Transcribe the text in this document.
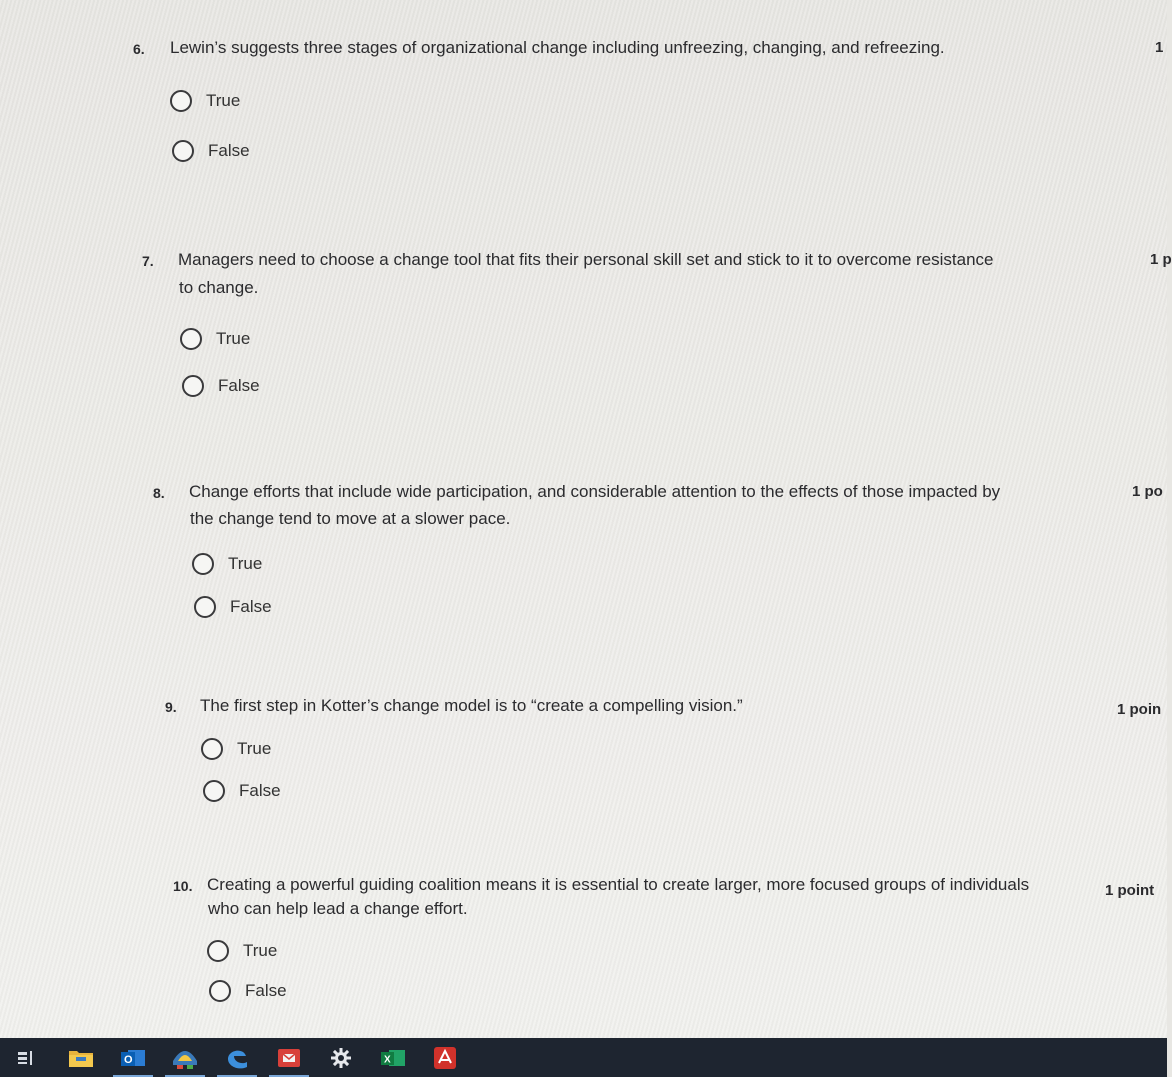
6. Lewin’s suggests three stages of organizational change including unfreezing, changing, and refreezing.	1
True
False
7. Managers need to choose a change tool that fits their personal skill set and stick to it to overcome resistance
to change.
1 p
True
False
8. Change efforts that include wide participation, and considerable attention to the effects of those impacted by
the change tend to move at a slower pace.
1 po
True
False
9. The first step in Kotter’s change model is to “create a compelling vision.”	1 poin
True
False
10. Creating a powerful guiding coalition means it is essential to create larger, more focused groups of individuals
who can help lead a change effort.
1 point
True
False
O	X
